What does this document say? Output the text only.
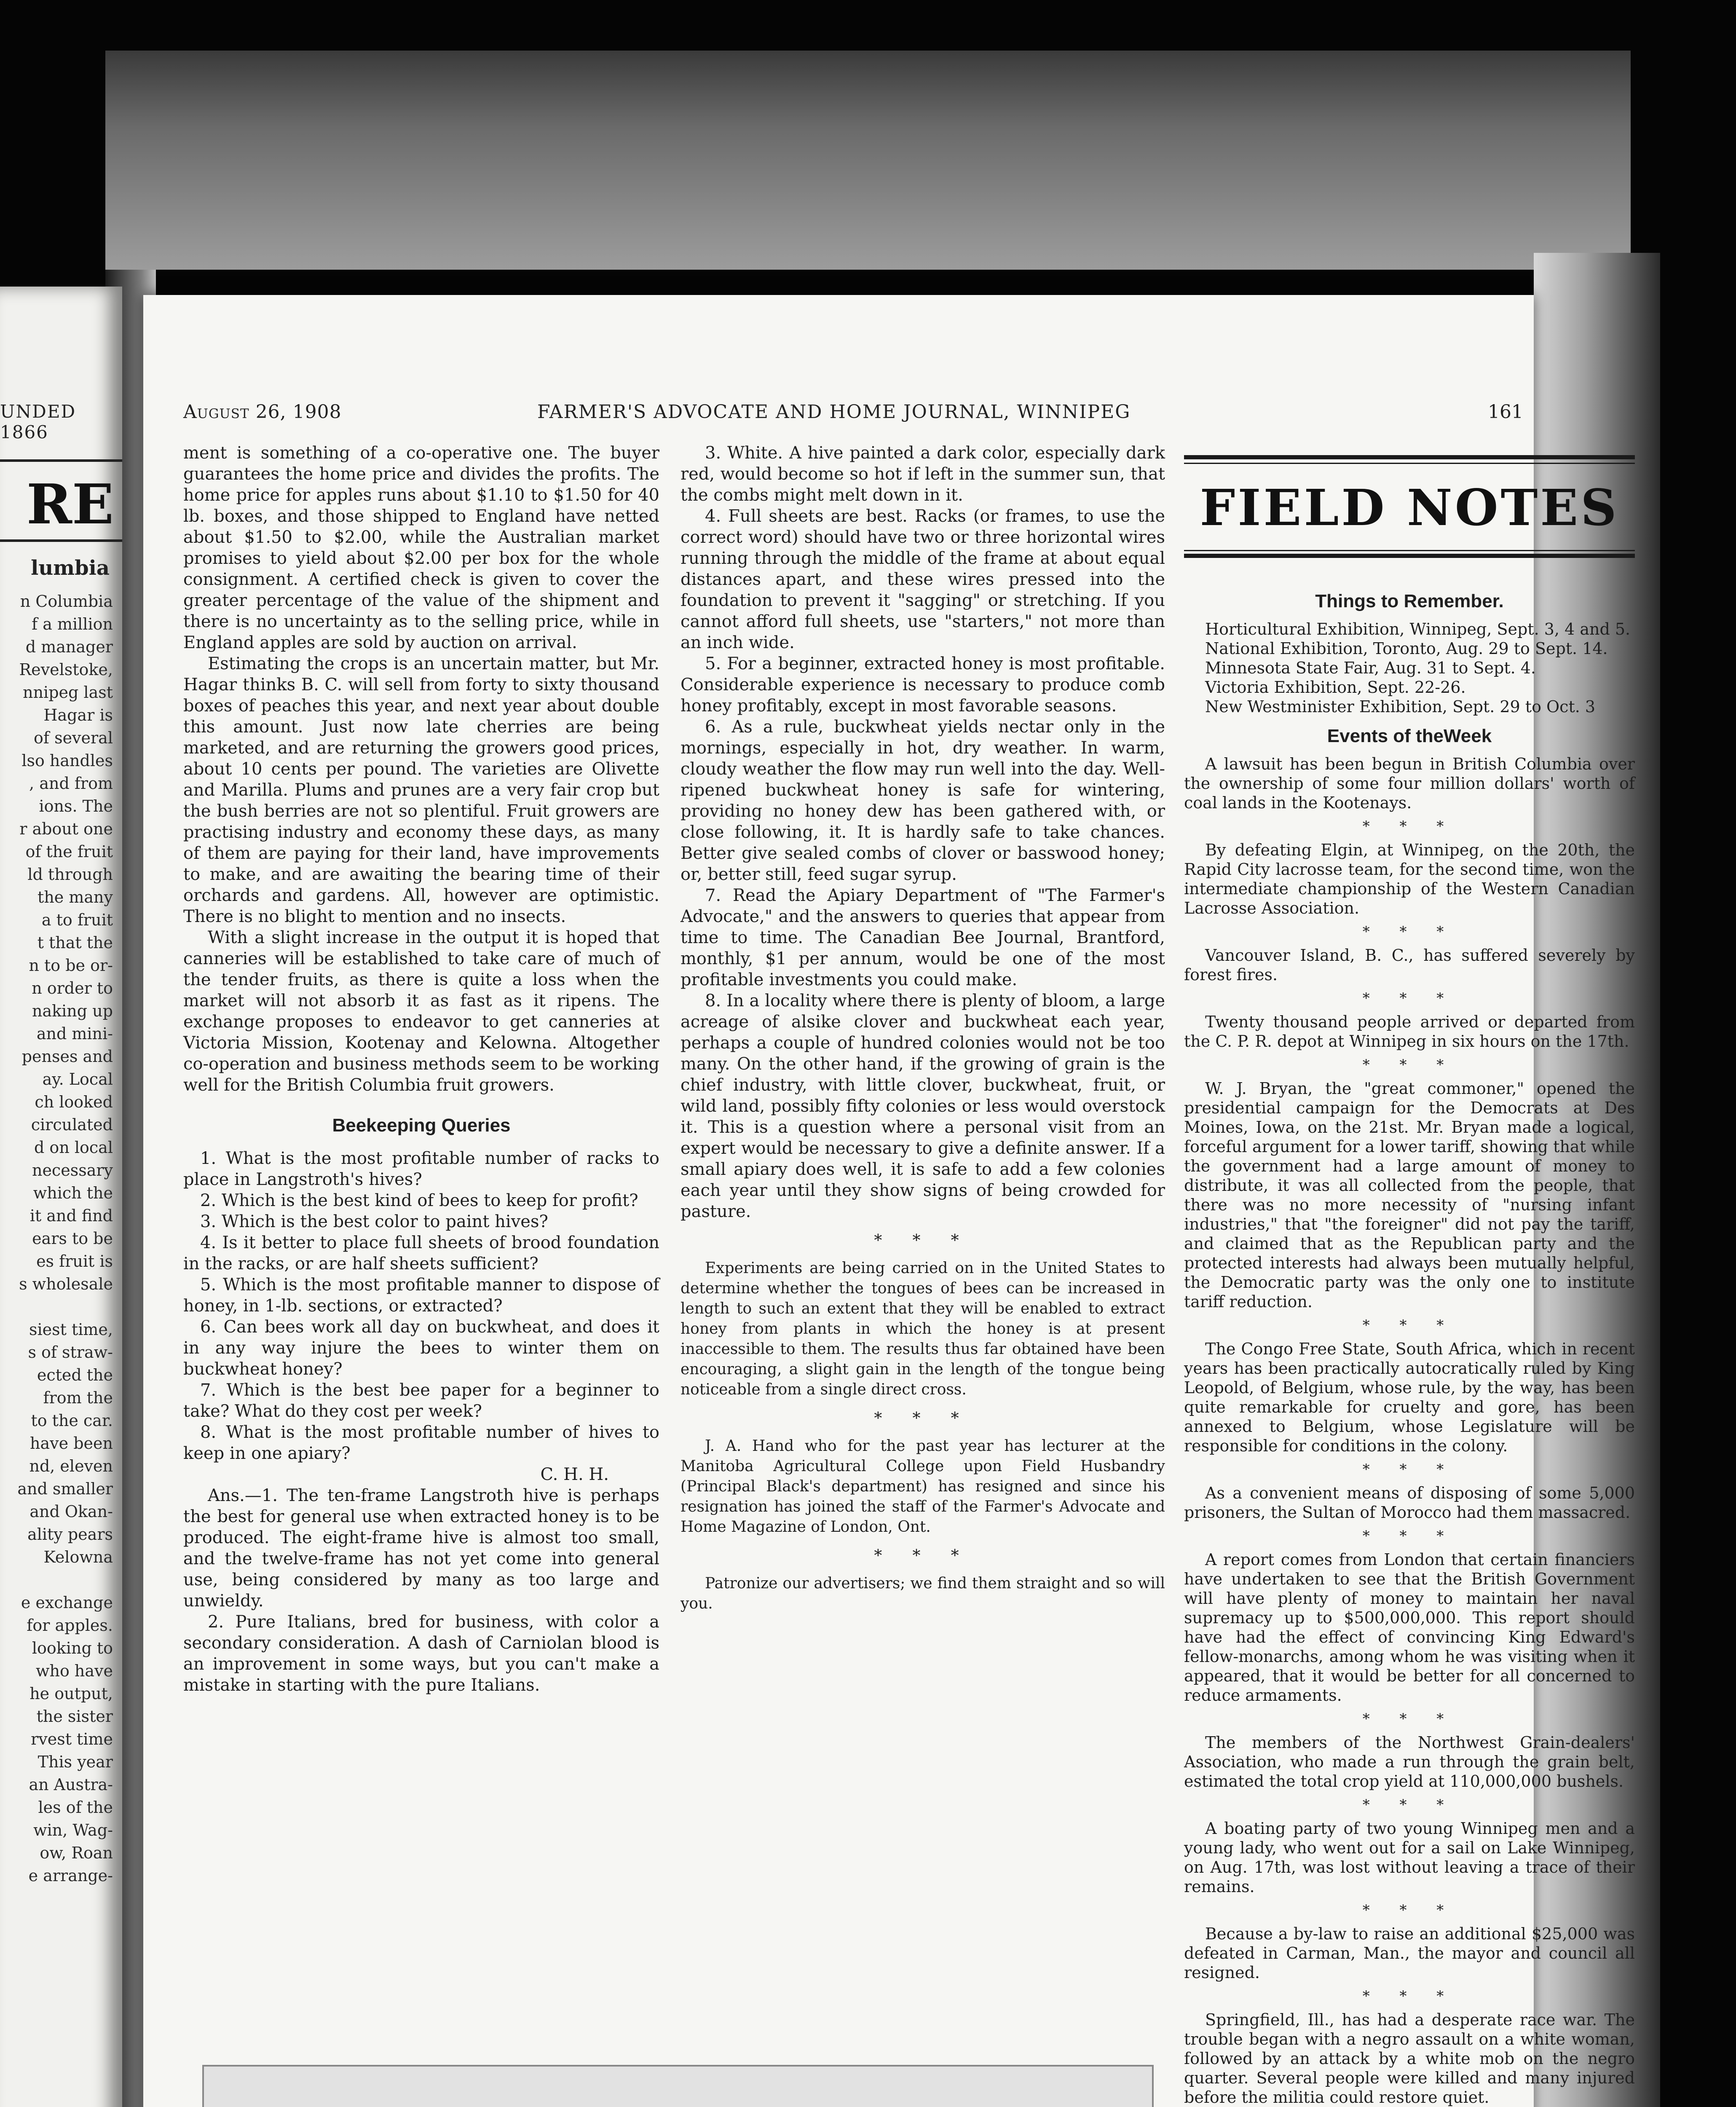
UNDED 1866
RE
lumbia
n Columbia
f a million
d manager
Revelstoke,
nnipeg last
Hagar is
of several
lso handles
, and from
ions. The
r about one
of the fruit
ld through
the many
a to fruit
t that the
n to be or-
n order to
naking up
and mini-
penses and
ay. Local
ch looked
circulated
d on local
necessary
which the
it and find
ears to be
es fruit is
s wholesale

siest time,
s of straw-
ected the
from the
to the car.
have been
nd, eleven
and smaller
and Okan-
ality pears
Kelowna

e exchange
for apples.
looking to
who have
he output,
the sister
rvest time
This year
an Austra-
les of the
win, Wag-
ow, Roan
e arrange-
August 26, 1908	FARMER'S ADVOCATE AND HOME JOURNAL, WINNIPEG	161

ment is something of a co-operative one. The buyer guarantees the home price and divides the profits. The home price for apples runs about $1.10 to $1.50 for 40 lb. boxes, and those shipped to England have netted about $1.50 to $2.00, while the Australian market promises to yield about $2.00 per box for the whole consignment. A certified check is given to cover the greater percentage of the value of the shipment and there is no uncertainty as to the selling price, while in England apples are sold by auction on arrival.

Estimating the crops is an uncertain matter, but Mr. Hagar thinks B. C. will sell from forty to sixty thousand boxes of peaches this year, and next year about double this amount. Just now late cherries are being marketed, and are returning the growers good prices, about 10 cents per pound. The varieties are Olivette and Marilla. Plums and prunes are a very fair crop but the bush berries are not so plentiful. Fruit growers are practising industry and economy these days, as many of them are paying for their land, have improvements to make, and are awaiting the bearing time of their orchards and gardens. All, however are optimistic. There is no blight to mention and no insects.

With a slight increase in the output it is hoped that canneries will be established to take care of much of the tender fruits, as there is quite a loss when the market will not absorb it as fast as it ripens. The exchange proposes to endeavor to get canneries at Victoria Mission, Kootenay and Kelowna. Altogether co-operation and business methods seem to be working well for the British Columbia fruit growers.

Beekeeping Queries

1. What is the most profitable number of racks to place in Langstroth's hives?

2. Which is the best kind of bees to keep for profit?

3. Which is the best color to paint hives?

4. Is it better to place full sheets of brood foundation in the racks, or are half sheets sufficient?

5. Which is the most profitable manner to dispose of honey, in 1-lb. sections, or extracted?

6. Can bees work all day on buckwheat, and does it in any way injure the bees to winter them on buckwheat honey?

7. Which is the best bee paper for a beginner to take? What do they cost per week?

8. What is the most profitable number of hives to keep in one apiary?

C. H. H.

Ans.—1. The ten-frame Langstroth hive is perhaps the best for general use when extracted honey is to be produced. The eight-frame hive is almost too small, and the twelve-frame has not yet come into general use, being considered by many as too large and unwieldy.

2. Pure Italians, bred for business, with color a secondary consideration. A dash of Carniolan blood is an improvement in some ways, but you can't make a mistake in starting with the pure Italians.

3. White. A hive painted a dark color, especially dark red, would become so hot if left in the summer sun, that the combs might melt down in it.

4. Full sheets are best. Racks (or frames, to use the correct word) should have two or three horizontal wires running through the middle of the frame at about equal distances apart, and these wires pressed into the foundation to prevent it "sagging" or stretching. If you cannot afford full sheets, use "starters," not more than an inch wide.

5. For a beginner, extracted honey is most profitable. Considerable experience is necessary to produce comb honey profitably, except in most favorable seasons.

6. As a rule, buckwheat yields nectar only in the mornings, especially in hot, dry weather. In warm, cloudy weather the flow may run well into the day. Well-ripened buckwheat honey is safe for wintering, providing no honey dew has been gathered with, or close following, it. It is hardly safe to take chances. Better give sealed combs of clover or basswood honey; or, better still, feed sugar syrup.

7. Read the Apiary Department of "The Farmer's Advocate," and the answers to queries that appear from time to time. The Canadian Bee Journal, Brantford, monthly, $1 per annum, would be one of the most profitable investments you could make.

8. In a locality where there is plenty of bloom, a large acreage of alsike clover and buckwheat each year, perhaps a couple of hundred colonies would not be too many. On the other hand, if the growing of grain is the chief industry, with little clover, buckwheat, fruit, or wild land, possibly fifty colonies or less would overstock it. This is a question where a personal visit from an expert would be necessary to give a definite answer. If a small apiary does well, it is safe to add a few colonies each year until they show signs of being crowded for pasture.

* * *

Experiments are being carried on in the United States to determine whether the tongues of bees can be increased in length to such an extent that they will be enabled to extract honey from plants in which the honey is at present inaccessible to them. The results thus far obtained have been encouraging, a slight gain in the length of the tongue being noticeable from a single direct cross.

* * *

J. A. Hand who for the past year has lecturer at the Manitoba Agricultural College upon Field Husbandry (Principal Black's department) has resigned and since his resignation has joined the staff of the Farmer's Advocate and Home Magazine of London, Ont.

* * *

Patronize our advertisers; we find them straight and so will you.

FIELD NOTES
Things to Remember.

Horticultural Exhibition, Winnipeg, Sept. 3, 4 and 5.

National Exhibition, Toronto, Aug. 29 to Sept. 14.

Minnesota State Fair, Aug. 31 to Sept. 4.

Victoria Exhibition, Sept. 22-26.

New Westminister Exhibition, Sept. 29 to Oct. 3

Events of theWeek

A lawsuit has been begun in British Columbia over the ownership of some four million dollars' worth of coal lands in the Kootenays.

* * *

By defeating Elgin, at Winnipeg, on the 20th, the Rapid City lacrosse team, for the second time, won the intermediate championship of the Western Canadian Lacrosse Association.

* * *

Vancouver Island, B. C., has suffered severely by forest fires.

* * *

Twenty thousand people arrived or departed from the C. P. R. depot at Winnipeg in six hours on the 17th.

* * *

W. J. Bryan, the "great commoner," opened the presidential campaign for the Democrats at Des Moines, Iowa, on the 21st. Mr. Bryan made a logical, forceful argument for a lower tariff, showing that while the government had a large amount of money to distribute, it was all collected from the people, that there was no more necessity of "nursing infant industries," that "the foreigner" did not pay the tariff, and claimed that as the Republican party and the protected interests had always been mutually helpful, the Democratic party was the only one to institute tariff reduction.

* * *

The Congo Free State, South Africa, which in recent years has been practically autocratically ruled by King Leopold, of Belgium, whose rule, by the way, has been quite remarkable for cruelty and gore, has been annexed to Belgium, whose Legislature will be responsible for conditions in the colony.

* * *

As a convenient means of disposing of some 5,000 prisoners, the Sultan of Morocco had them massacred.

* * *

A report comes from London that certain financiers have undertaken to see that the British Government will have plenty of money to maintain her naval supremacy up to $500,000,000. This report should have had the effect of convincing King Edward's fellow-monarchs, among whom he was visiting when it appeared, that it would be better for all concerned to reduce armaments.

* * *

The members of the Northwest Grain-dealers' Association, who made a run through the grain belt, estimated the total crop yield at 110,000,000 bushels.

* * *

A boating party of two young Winnipeg men and a young lady, who went out for a sail on Lake Winnipeg, on Aug. 17th, was lost without leaving a trace of their remains.

* * *

Because a by-law to raise an additional $25,000 was defeated in Carman, Man., the mayor and council all resigned.

* * *

Springfield, Ill., has had a desperate race war. The trouble began with a negro assault on a white woman, followed by an attack by a white mob on the negro quarter. Several people were killed and many injured before the militia could restore quiet.
